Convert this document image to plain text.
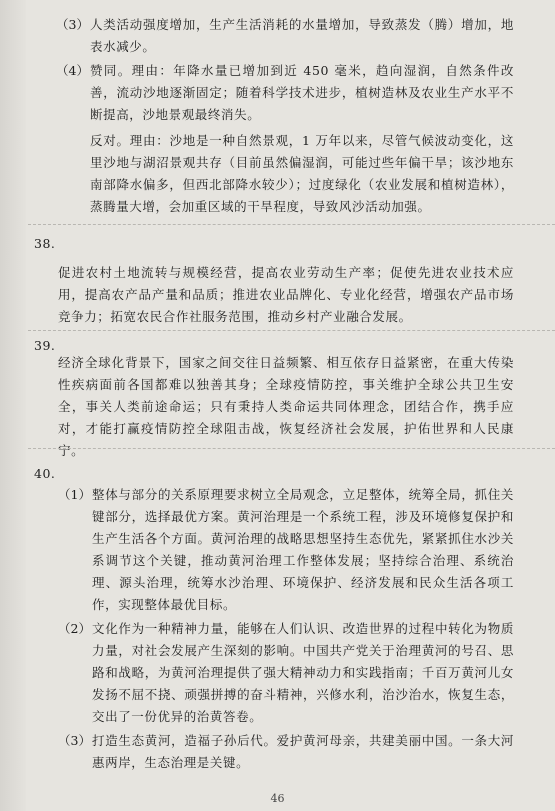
（3） 人类活动强度增加，生产生活消耗的水量增加，导致蒸发（腾）增加，地表水减少。
（4） 赞同。理由：年降水量已增加到近 450 毫米，趋向湿润，自然条件改善，流动沙地逐渐固定；随着科学技术进步，植树造林及农业生产水平不断提高，沙地景观最终消失。
反对。理由：沙地是一种自然景观，1 万年以来，尽管气候波动变化，这里沙地与湖沼景观共存（目前虽然偏湿润，可能过些年偏干旱；该沙地东南部降水偏多，但西北部降水较少）；过度绿化（农业发展和植树造林），蒸腾量大增，会加重区域的干旱程度，导致风沙活动加强。
38.

促进农村土地流转与规模经营，提高农业劳动生产率；促使先进农业技术应用，提高农产品产量和品质；推进农业品牌化、专业化经营，增强农产品市场竞争力；拓宽农民合作社服务范围，推动乡村产业融合发展。

39.

经济全球化背景下，国家之间交往日益频繁、相互依存日益紧密，在重大传染性疾病面前各国都难以独善其身；全球疫情防控，事关维护全球公共卫生安全，事关人类前途命运；只有秉持人类命运共同体理念，团结合作，携手应对，才能打赢疫情防控全球阻击战，恢复经济社会发展，护佑世界和人民康宁。

40.
（1） 整体与部分的关系原理要求树立全局观念，立足整体，统筹全局，抓住关键部分，选择最优方案。黄河治理是一个系统工程，涉及环境修复保护和生产生活各个方面。黄河治理的战略思想坚持生态优先，紧紧抓住水沙关系调节这个关键，推动黄河治理工作整体发展；坚持综合治理、系统治理、源头治理，统筹水沙治理、环境保护、经济发展和民众生活各项工作，实现整体最优目标。
（2） 文化作为一种精神力量，能够在人们认识、改造世界的过程中转化为物质力量，对社会发展产生深刻的影响。中国共产党关于治理黄河的号召、思路和战略，为黄河治理提供了强大精神动力和实践指南；千百万黄河儿女发扬不屈不挠、顽强拼搏的奋斗精神，兴修水利，治沙治水，恢复生态，交出了一份优异的治黄答卷。
（3） 打造生态黄河，造福子孙后代。爱护黄河母亲，共建美丽中国。一条大河惠两岸，生态治理是关键。
46
